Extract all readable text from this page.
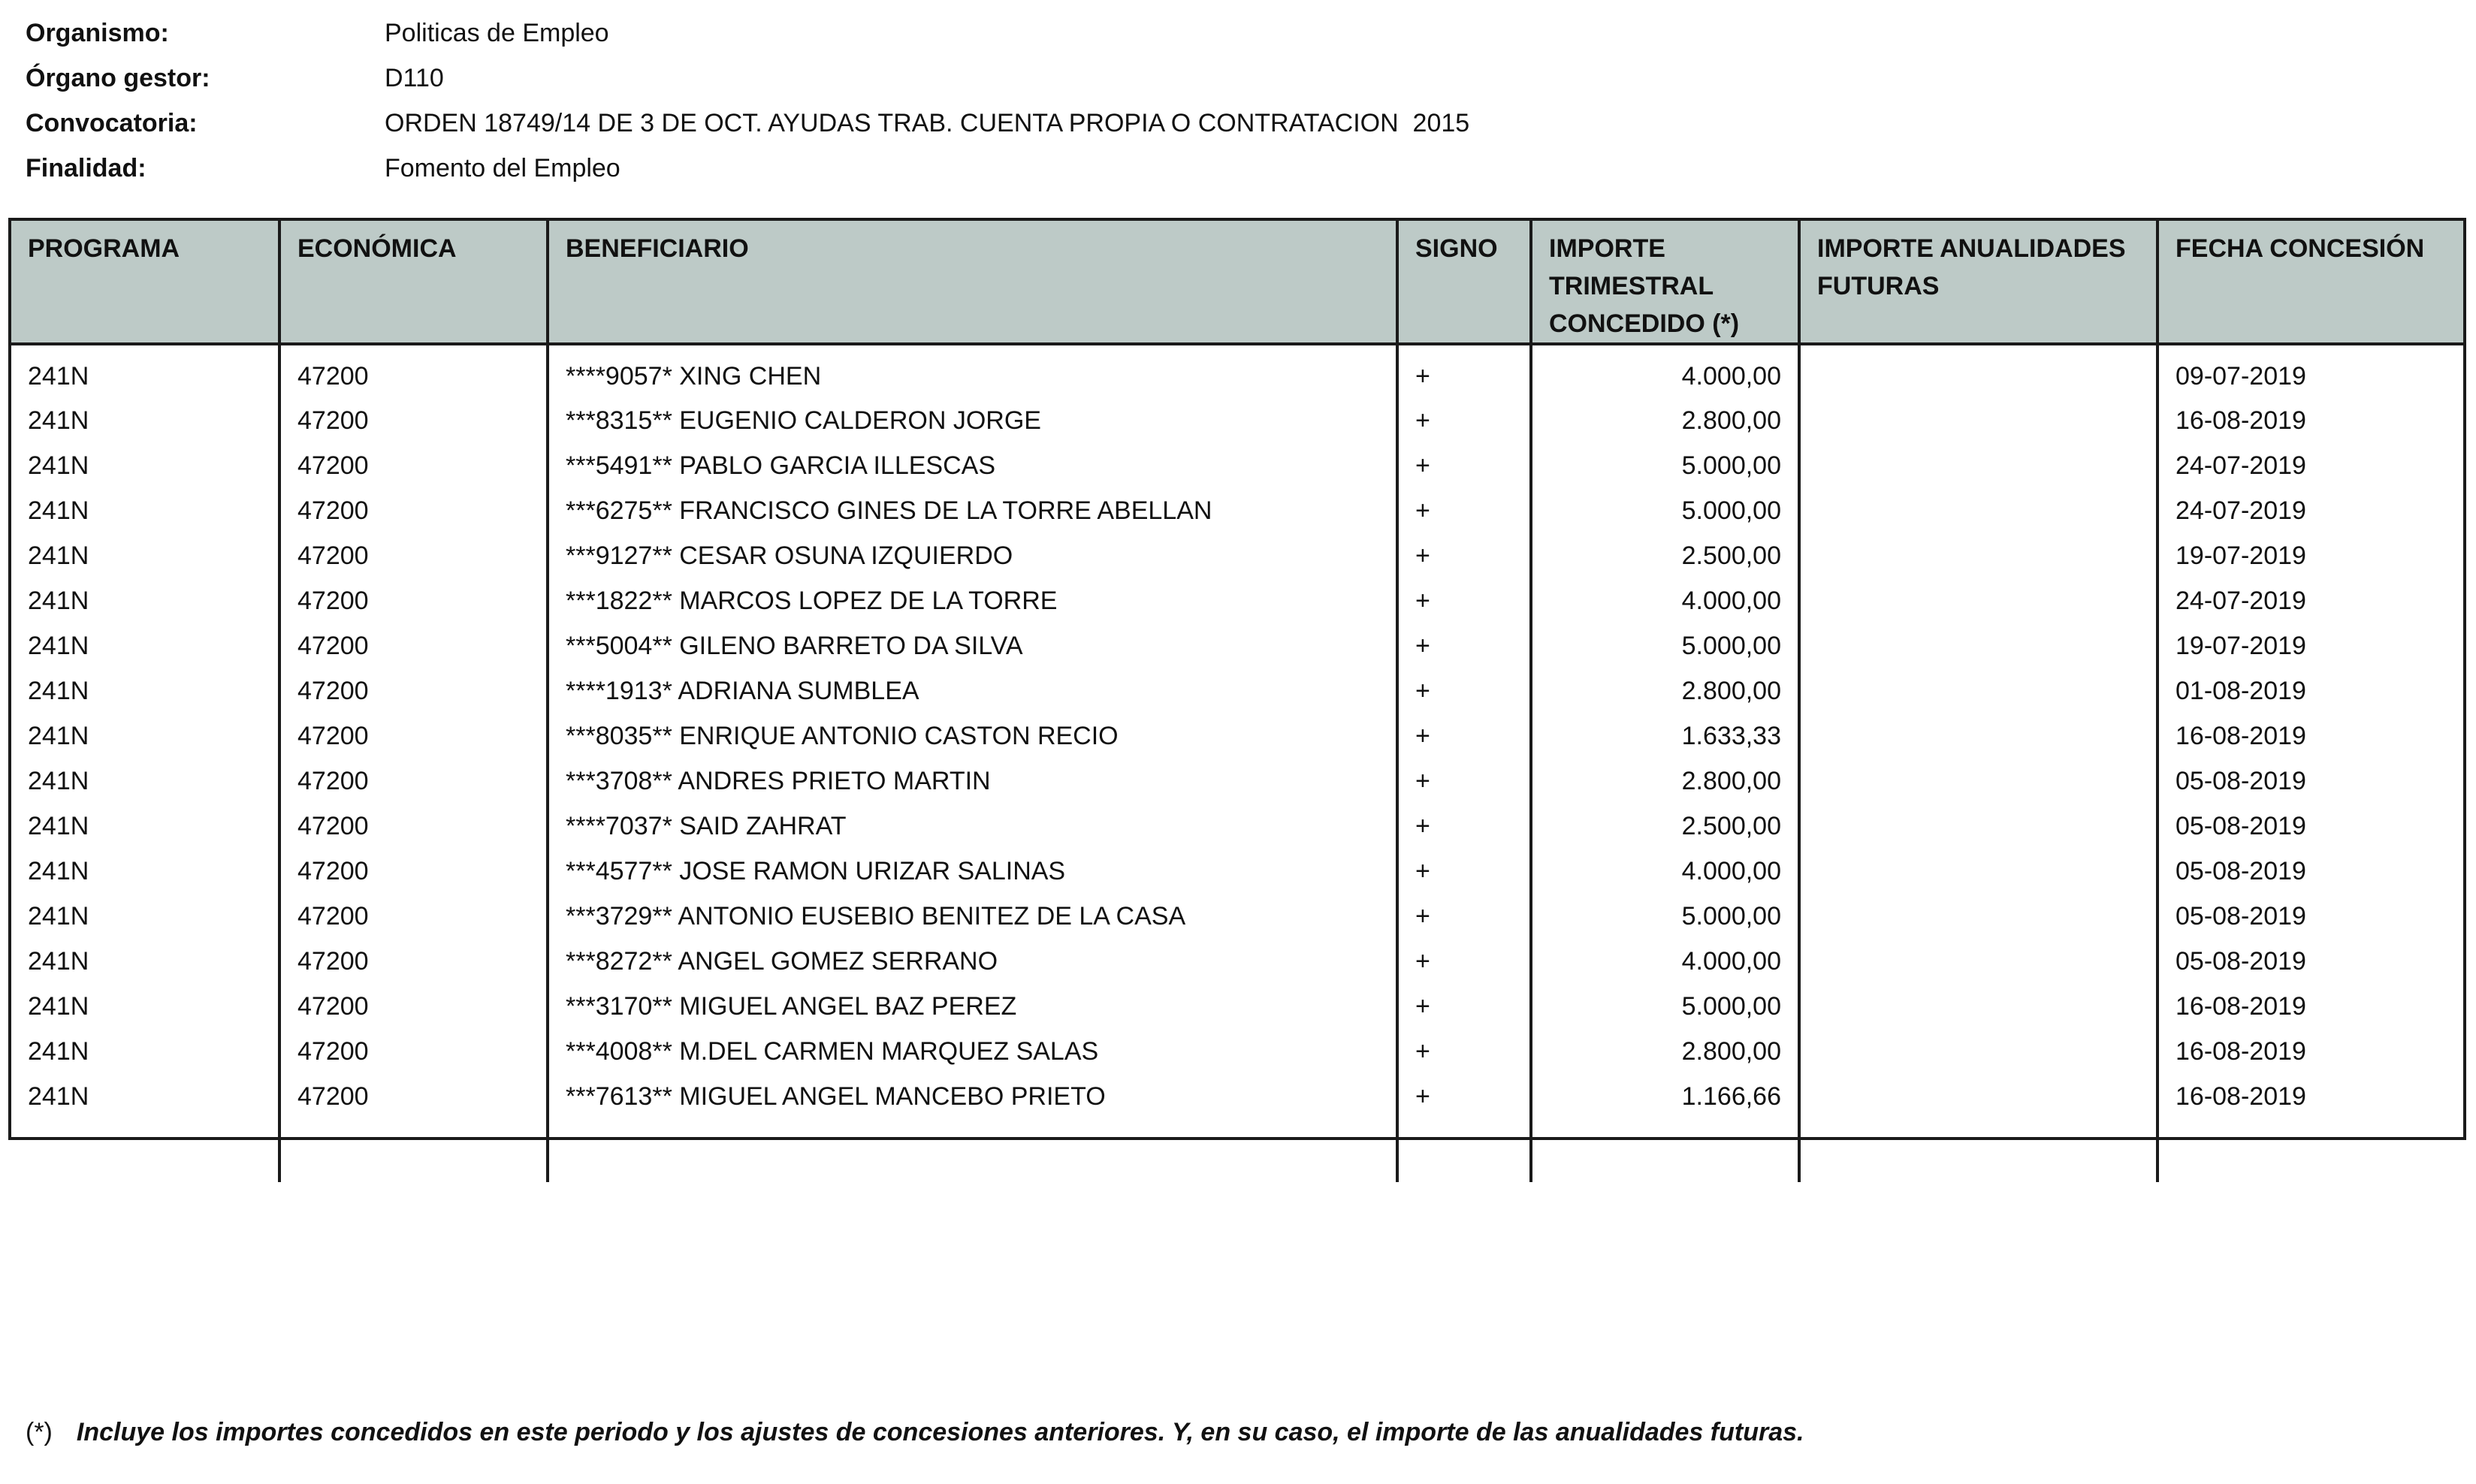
Organismo:	Politicas de Empleo
Órgano gestor:	D110
Convocatoria:	ORDEN 18749/14 DE 3 DE OCT. AYUDAS TRAB. CUENTA PROPIA O CONTRATACION  2015
Finalidad:	Fomento del Empleo
PROGRAMA	ECONÓMICA	BENEFICIARIO	SIGNO	IMPORTE TRIMESTRAL CONCEDIDO (*)	IMPORTE ANUALIDADES FUTURAS	FECHA CONCESIÓN
241N	47200	****9057* XING CHEN	+	4.000,00		09-07-2019
241N	47200	***8315** EUGENIO CALDERON JORGE	+	2.800,00		16-08-2019
241N	47200	***5491** PABLO GARCIA ILLESCAS	+	5.000,00		24-07-2019
241N	47200	***6275** FRANCISCO GINES DE LA TORRE ABELLAN	+	5.000,00		24-07-2019
241N	47200	***9127** CESAR OSUNA IZQUIERDO	+	2.500,00		19-07-2019
241N	47200	***1822** MARCOS LOPEZ DE LA TORRE	+	4.000,00		24-07-2019
241N	47200	***5004** GILENO BARRETO DA SILVA	+	5.000,00		19-07-2019
241N	47200	****1913* ADRIANA SUMBLEA	+	2.800,00		01-08-2019
241N	47200	***8035** ENRIQUE ANTONIO CASTON RECIO	+	1.633,33		16-08-2019
241N	47200	***3708** ANDRES PRIETO MARTIN	+	2.800,00		05-08-2019
241N	47200	****7037* SAID ZAHRAT	+	2.500,00		05-08-2019
241N	47200	***4577** JOSE RAMON URIZAR SALINAS	+	4.000,00		05-08-2019
241N	47200	***3729** ANTONIO EUSEBIO BENITEZ DE LA CASA	+	5.000,00		05-08-2019
241N	47200	***8272** ANGEL GOMEZ SERRANO	+	4.000,00		05-08-2019
241N	47200	***3170** MIGUEL ANGEL BAZ PEREZ	+	5.000,00		16-08-2019
241N	47200	***4008** M.DEL CARMEN MARQUEZ SALAS	+	2.800,00		16-08-2019
241N	47200	***7613** MIGUEL ANGEL MANCEBO PRIETO	+	1.166,66		16-08-2019

(*) Incluye los importes concedidos en este periodo y los ajustes de concesiones anteriores. Y, en su caso, el importe de las anualidades futuras.
